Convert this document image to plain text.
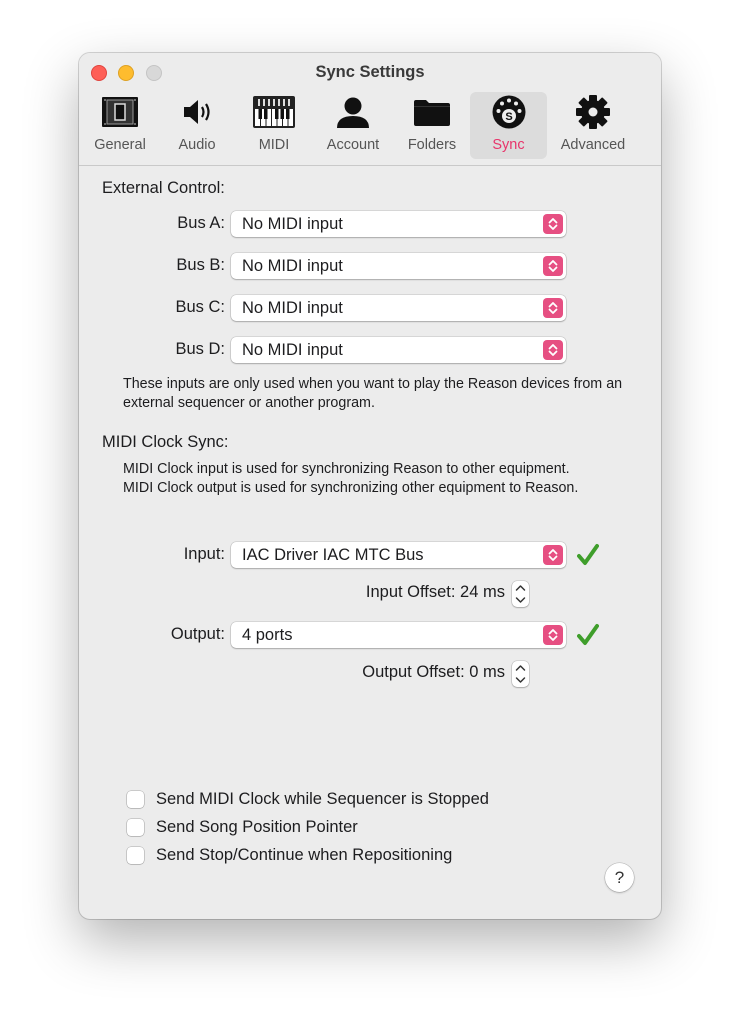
Sync Settings
General	Audio	MIDI	Account	Folders
S
Sync	Advanced
External Control:
Bus A:	No MIDI input
Bus B:	No MIDI input
Bus C:	No MIDI input
Bus D:	No MIDI input
These inputs are only used when you want to play the Reason devices from an external sequencer or another program.
MIDI Clock Sync:
MIDI Clock input is used for synchronizing Reason to other equipment. MIDI Clock output is used for synchronizing other equipment to Reason.
Input:	IAC Driver IAC MTC Bus
Input Offset: 24 ms
Output:	4 ports
Output Offset: 0 ms
Send MIDI Clock while Sequencer is Stopped
Send Song Position Pointer
Send Stop/Continue when Repositioning
?
